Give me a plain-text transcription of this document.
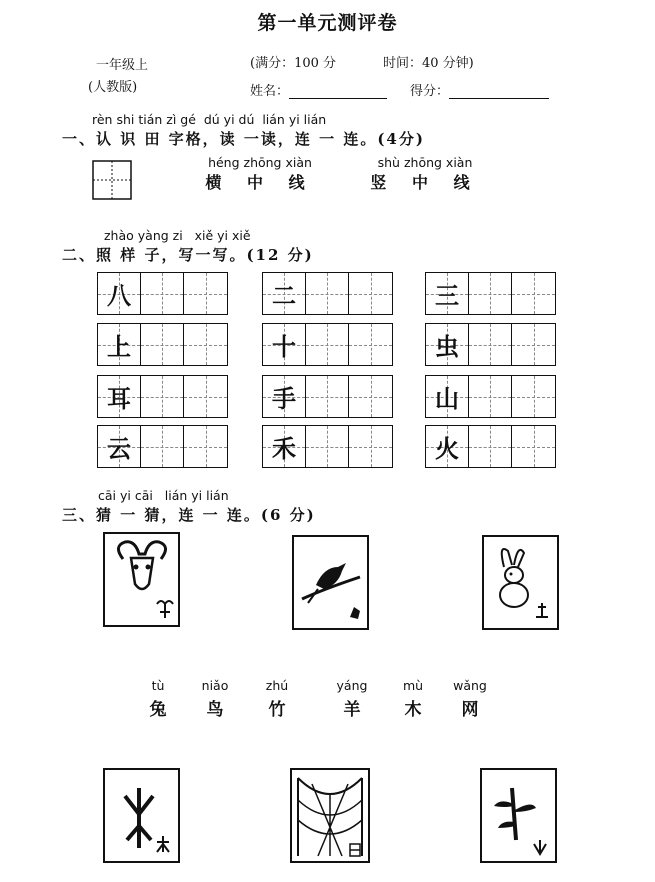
第一单元测评卷
一年级上
(人教版)
(满分：100 分	时间：40 分钟)
姓名：	得分：
rèn shi tián zì gé  dú yi dú  lián yi lián
一、认 识 田 字格，读 一读，连 一 连。(4分)
héng zhōng xiàn
横 中 线
shù zhōng xiàn
竖 中 线
zhào yàng zi   xiě yi xiě
二、照 样 子，写一写。(12 分)
八	二	三
上	十	虫
耳	手	山
云	禾	火
cāi yi cāi   lián yi lián
三、猜 一 猜，连 一 连。(6 分)
tù
兔
niǎo
鸟
zhú
竹
yáng
羊
mù
木
wǎng
网
